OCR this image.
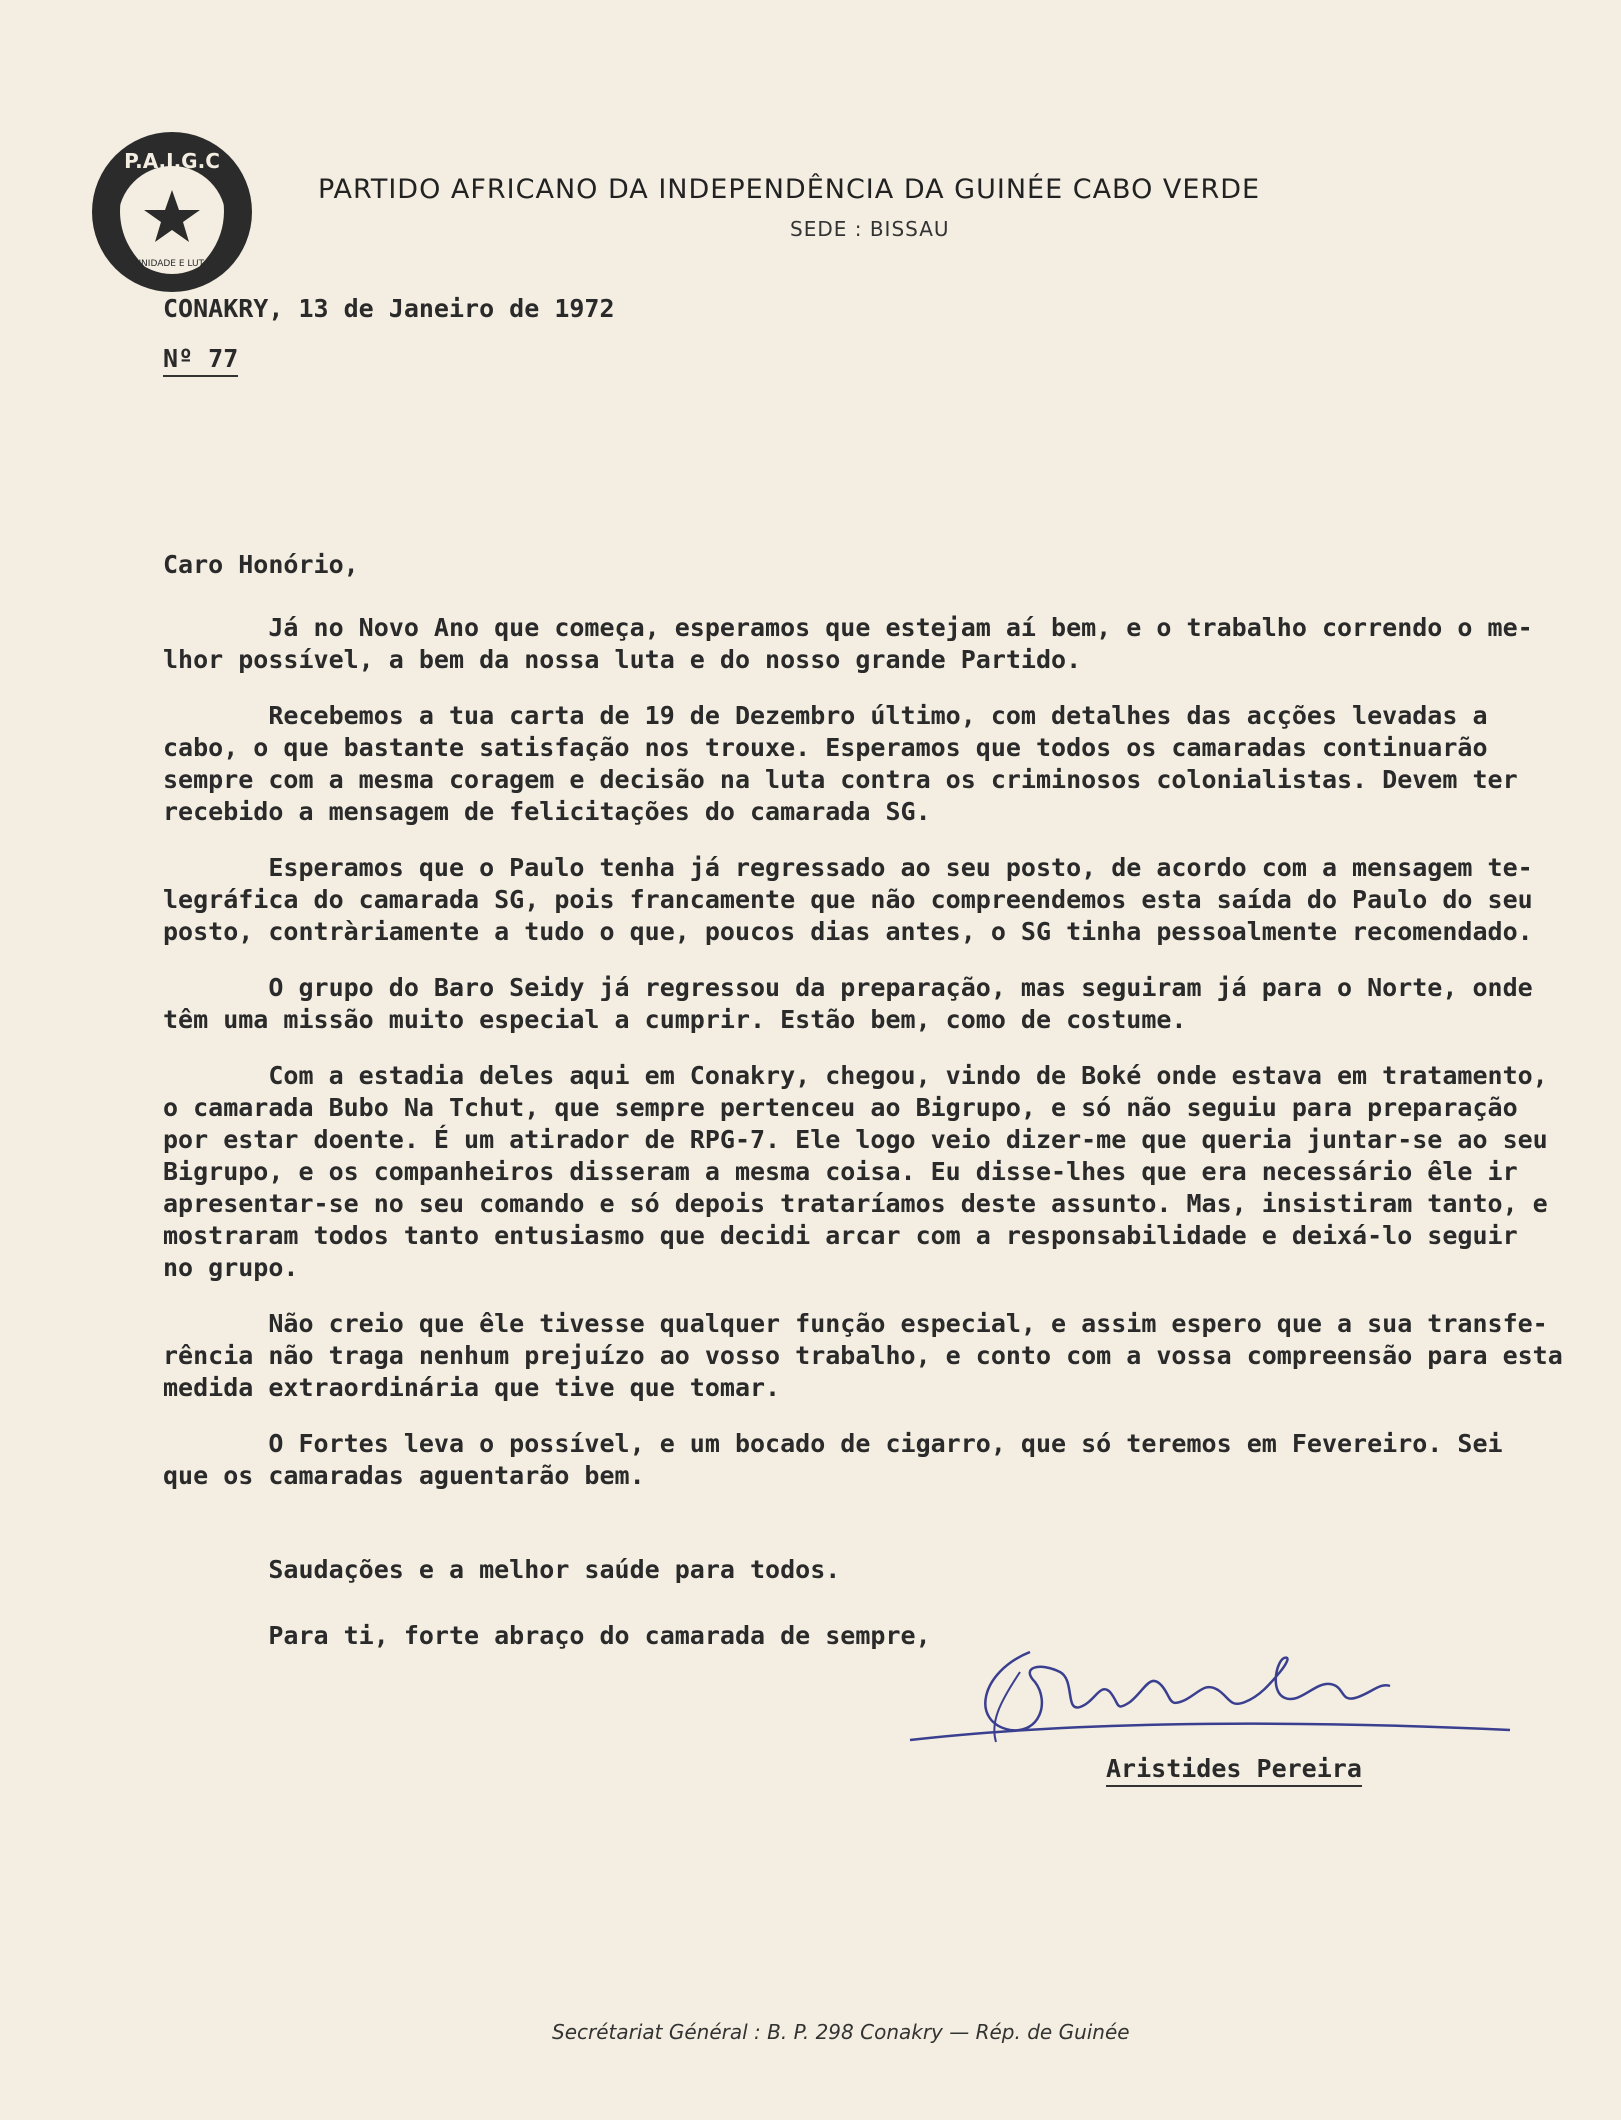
P.A.I.G.C
UNIDADE E LUTA
PARTIDO AFRICANO DA INDEPENDÊNCIA DA GUINÉE CABO VERDE
SEDE : BISSAU
CONAKRY, 13 de Janeiro de 1972
Nº 77
Caro Honório,
Já no Novo Ano que começa, esperamos que estejam aí bem, e o trabalho correndo o me-
lhor possível, a bem da nossa luta e do nosso grande Partido.
Recebemos a tua carta de 19 de Dezembro último, com detalhes das acções levadas a
cabo, o que bastante satisfação nos trouxe. Esperamos que todos os camaradas continuarão
sempre com a mesma coragem e decisão na luta contra os criminosos colonialistas. Devem ter
recebido a mensagem de felicitações do camarada SG.
Esperamos que o Paulo tenha já regressado ao seu posto, de acordo com a mensagem te-
legráfica do camarada SG, pois francamente que não compreendemos esta saída do Paulo do seu
posto, contràriamente a tudo o que, poucos dias antes, o SG tinha pessoalmente recomendado.
O grupo do Baro Seidy já regressou da preparação, mas seguiram já para o Norte, onde
têm uma missão muito especial a cumprir. Estão bem, como de costume.
Com a estadia deles aqui em Conakry, chegou, vindo de Boké onde estava em tratamento,
o camarada Bubo Na Tchut, que sempre pertenceu ao Bigrupo, e só não seguiu para preparação
por estar doente. É um atirador de RPG-7. Ele logo veio dizer-me que queria juntar-se ao seu
Bigrupo, e os companheiros disseram a mesma coisa. Eu disse-lhes que era necessário êle ir
apresentar-se no seu comando e só depois trataríamos deste assunto. Mas, insistiram tanto, e
mostraram todos tanto entusiasmo que decidi arcar com a responsabilidade e deixá-lo seguir
no grupo.
Não creio que êle tivesse qualquer função especial, e assim espero que a sua transfe-
rência não traga nenhum prejuízo ao vosso trabalho, e conto com a vossa compreensão para esta
medida extraordinária que tive que tomar.
O Fortes leva o possível, e um bocado de cigarro, que só teremos em Fevereiro. Sei
que os camaradas aguentarão bem.
Saudações e a melhor saúde para todos.
Para ti, forte abraço do camarada de sempre,
Aristides Pereira
Secrétariat Général : B. P. 298 Conakry — Rép. de Guinée
